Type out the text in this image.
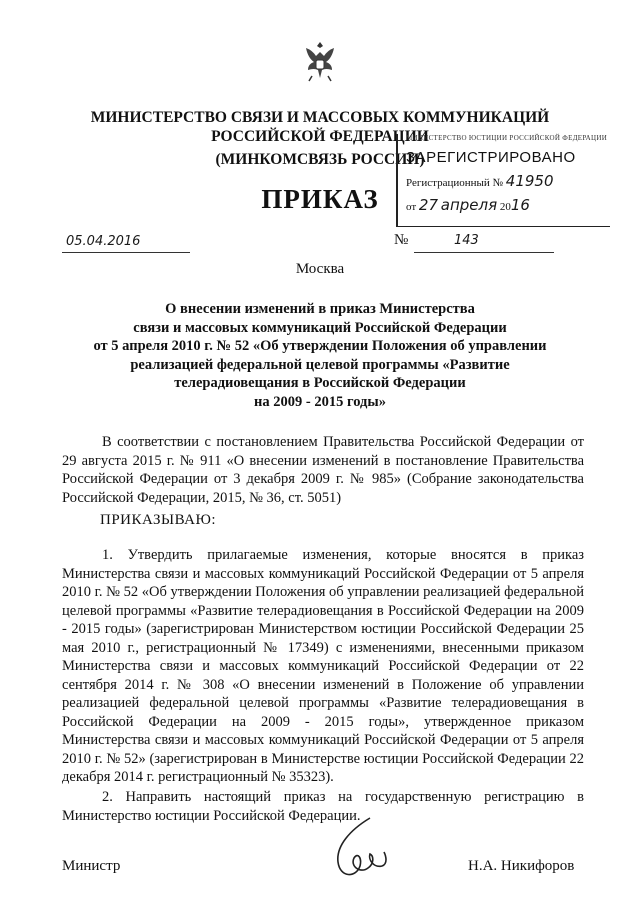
МИНИСТЕРСТВО СВЯЗИ И МАССОВЫХ КОММУНИКАЦИЙ
РОССИЙСКОЙ ФЕДЕРАЦИИ
(МИНКОМСВЯЗЬ РОССИИ)
ПРИКАЗ
МИНИСТЕРСТВО ЮСТИЦИИ РОССИЙСКОЙ ФЕДЕРАЦИИ
ЗАРЕГИСТРИРОВАНО
Регистрационный № 41950
от 27 апреля 2016
05.04.2016	№	143
Москва
О внесении изменений в приказ Министерства
связи и массовых коммуникаций Российской Федерации
от 5 апреля 2010 г. № 52 «Об утверждении Положения об управлении
реализацией федеральной целевой программы «Развитие
телерадиовещания в Российской Федерации
на 2009 - 2015 годы»
В соответствии с постановлением Правительства Российской Федерации от 29 августа 2015 г. № 911 «О внесении изменений в постановление Правительства Российской Федерации от 3 декабря 2009 г. № 985» (Собрание законодательства Российской Федерации, 2015, № 36, ст. 5051)
ПРИКАЗЫВАЮ:
1. Утвердить прилагаемые изменения, которые вносятся в приказ Министерства связи и массовых коммуникаций Российской Федерации от 5 апреля 2010 г. № 52 «Об утверждении Положения об управлении реализацией федеральной целевой программы «Развитие телерадиовещания в Российской Федерации на 2009 - 2015 годы» (зарегистрирован Министерством юстиции Российской Федерации 25 мая 2010 г., регистрационный № 17349) с изменениями, внесенными приказом Министерства связи и массовых коммуникаций Российской Федерации от 22 сентября 2014 г. № 308 «О внесении изменений в Положение об управлении реализацией федеральной целевой программы «Развитие телерадиовещания в Российской Федерации на 2009 - 2015 годы», утвержденное приказом Министерства связи и массовых коммуникаций Российской Федерации от 5 апреля 2010 г. № 52» (зарегистрирован в Министерстве юстиции Российской Федерации 22 декабря 2014 г. регистрационный № 35323).
2. Направить настоящий приказ на государственную регистрацию в Министерство юстиции Российской Федерации.
Министр	Н.А. Никифоров
